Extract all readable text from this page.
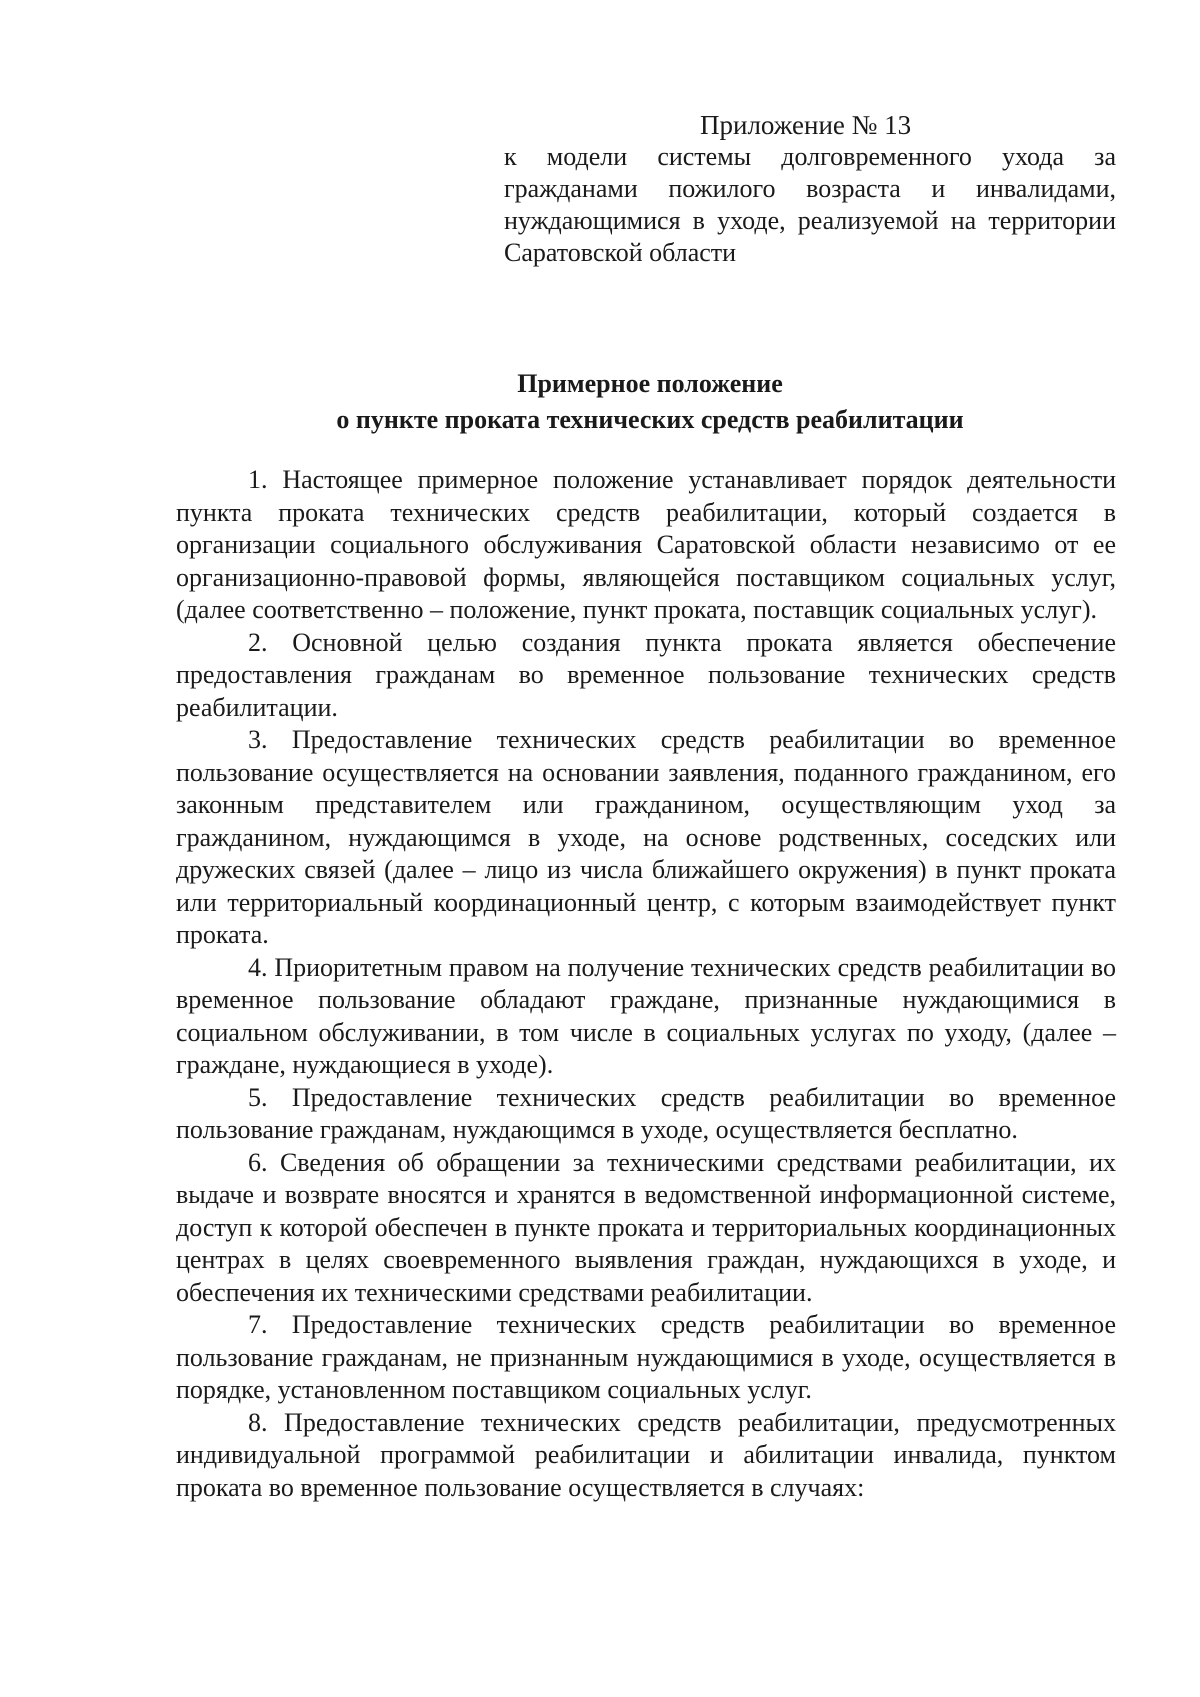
Приложение № 13
к модели системы долговременного ухода за гражданами пожилого возраста и инвалидами, нуждающимися в уходе, реализуемой на территории Саратовской области
Примерное положение
о пункте проката технических средств реабилитации

1. Настоящее примерное положение устанавливает порядок деятельности пункта проката технических средств реабилитации, который создается в организации социального обслуживания Саратовской области независимо от ее организационно-правовой формы, являющейся поставщиком социальных услуг, (далее соответственно – положение, пункт проката, поставщик социальных услуг).

2. Основной целью создания пункта проката является обеспечение предоставления гражданам во временное пользование технических средств реабилитации.

3. Предоставление технических средств реабилитации во временное пользование осуществляется на основании заявления, поданного гражданином, его законным представителем или гражданином, осуществляющим уход за гражданином, нуждающимся в уходе, на основе родственных, соседских или дружеских связей (далее – лицо из числа ближайшего окружения) в пункт проката или территориальный координационный центр, с которым взаимодействует пункт проката.

4. Приоритетным правом на получение технических средств реабилитации во временное пользование обладают граждане, признанные нуждающимися в социальном обслуживании, в том числе в социальных услугах по уходу, (далее – граждане, нуждающиеся в уходе).

5. Предоставление технических средств реабилитации во временное пользование гражданам, нуждающимся в уходе, осуществляется бесплатно.

6. Сведения об обращении за техническими средствами реабилитации, их выдаче и возврате вносятся и хранятся в ведомственной информационной системе, доступ к которой обеспечен в пункте проката и территориальных координационных центрах в целях своевременного выявления граждан, нуждающихся в уходе, и обеспечения их техническими средствами реабилитации.

7. Предоставление технических средств реабилитации во временное пользование гражданам, не признанным нуждающимися в уходе, осуществляется в порядке, установленном поставщиком социальных услуг.

8. Предоставление технических средств реабилитации, предусмотренных индивидуальной программой реабилитации и абилитации инвалида, пунктом проката во временное пользование осуществляется в случаях:
